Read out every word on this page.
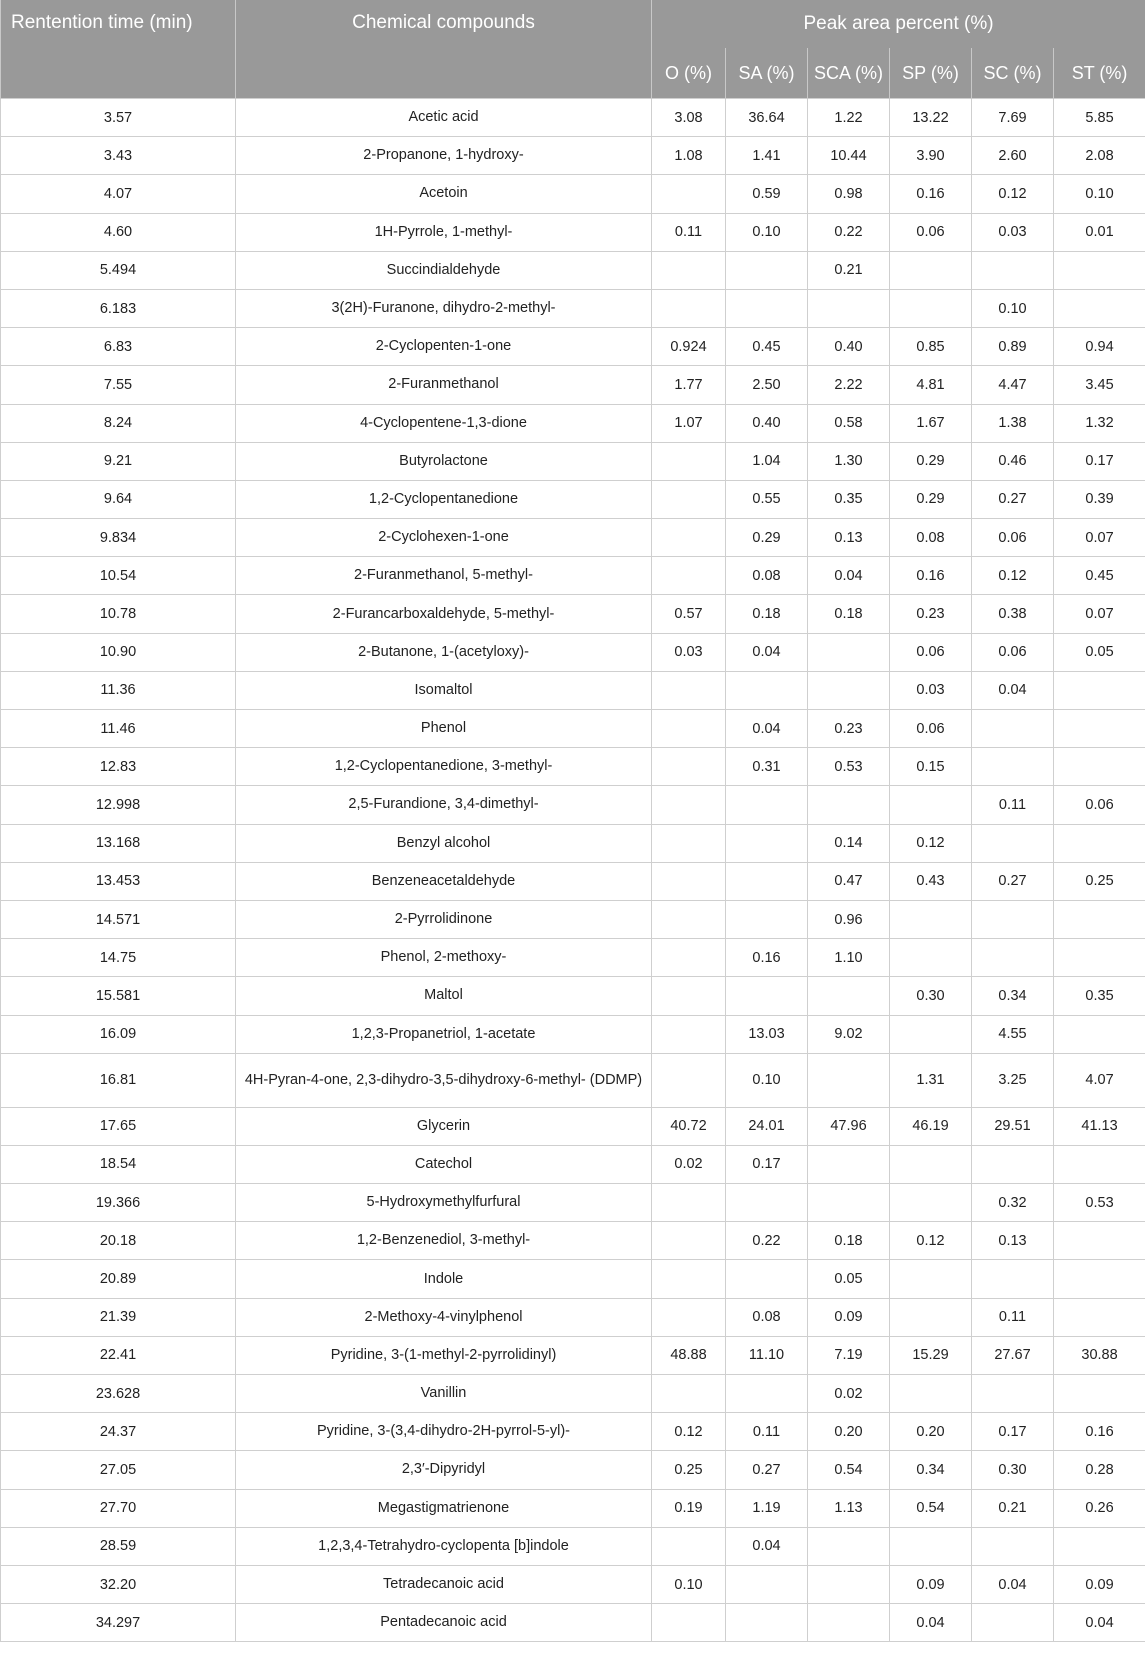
Rentention time (min)	Chemical compounds	Peak area percent (%)					
		O (%)	SA (%)	SCA (%)	SP (%)	SC (%)	ST (%)
3.57	Acetic acid	3.08	36.64	1.22	13.22	7.69	5.85
3.43	2-Propanone, 1-hydroxy-	1.08	1.41	10.44	3.90	2.60	2.08
4.07	Acetoin		0.59	0.98	0.16	0.12	0.10
4.60	1H-Pyrrole, 1-methyl-	0.11	0.10	0.22	0.06	0.03	0.01
5.494	Succindialdehyde			0.21			
6.183	3(2H)-Furanone, dihydro-2-methyl-					0.10	
6.83	2-Cyclopenten-1-one	0.924	0.45	0.40	0.85	0.89	0.94
7.55	2-Furanmethanol	1.77	2.50	2.22	4.81	4.47	3.45
8.24	4-Cyclopentene-1,3-dione	1.07	0.40	0.58	1.67	1.38	1.32
9.21	Butyrolactone		1.04	1.30	0.29	0.46	0.17
9.64	1,2-Cyclopentanedione		0.55	0.35	0.29	0.27	0.39
9.834	2-Cyclohexen-1-one		0.29	0.13	0.08	0.06	0.07
10.54	2-Furanmethanol, 5-methyl-		0.08	0.04	0.16	0.12	0.45
10.78	2-Furancarboxaldehyde, 5-methyl-	0.57	0.18	0.18	0.23	0.38	0.07
10.90	2-Butanone, 1-(acetyloxy)-	0.03	0.04		0.06	0.06	0.05
11.36	Isomaltol				0.03	0.04	
11.46	Phenol		0.04	0.23	0.06		
12.83	1,2-Cyclopentanedione, 3-methyl-		0.31	0.53	0.15		
12.998	2,5-Furandione, 3,4-dimethyl-					0.11	0.06
13.168	Benzyl alcohol			0.14	0.12		
13.453	Benzeneacetaldehyde			0.47	0.43	0.27	0.25
14.571	2-Pyrrolidinone			0.96			
14.75	Phenol, 2-methoxy-		0.16	1.10			
15.581	Maltol				0.30	0.34	0.35
16.09	1,2,3-Propanetriol, 1-acetate		13.03	9.02		4.55	
16.81	4H-Pyran-4-one, 2,3-dihydro-3,5-dihydroxy-6-methyl- (DDMP)		0.10		1.31	3.25	4.07
17.65	Glycerin	40.72	24.01	47.96	46.19	29.51	41.13
18.54	Catechol	0.02	0.17				
19.366	5-Hydroxymethylfurfural					0.32	0.53
20.18	1,2-Benzenediol, 3-methyl-		0.22	0.18	0.12	0.13	
20.89	Indole			0.05			
21.39	2-Methoxy-4-vinylphenol		0.08	0.09		0.11	
22.41	Pyridine, 3-(1-methyl-2-pyrrolidinyl)	48.88	11.10	7.19	15.29	27.67	30.88
23.628	Vanillin			0.02			
24.37	Pyridine, 3-(3,4-dihydro-2H-pyrrol-5-yl)-	0.12	0.11	0.20	0.20	0.17	0.16
27.05	2,3′-Dipyridyl	0.25	0.27	0.54	0.34	0.30	0.28
27.70	Megastigmatrienone	0.19	1.19	1.13	0.54	0.21	0.26
28.59	1,2,3,4-Tetrahydro-cyclopenta [b]indole		0.04				
32.20	Tetradecanoic acid	0.10			0.09	0.04	0.09
34.297	Pentadecanoic acid				0.04		0.04
